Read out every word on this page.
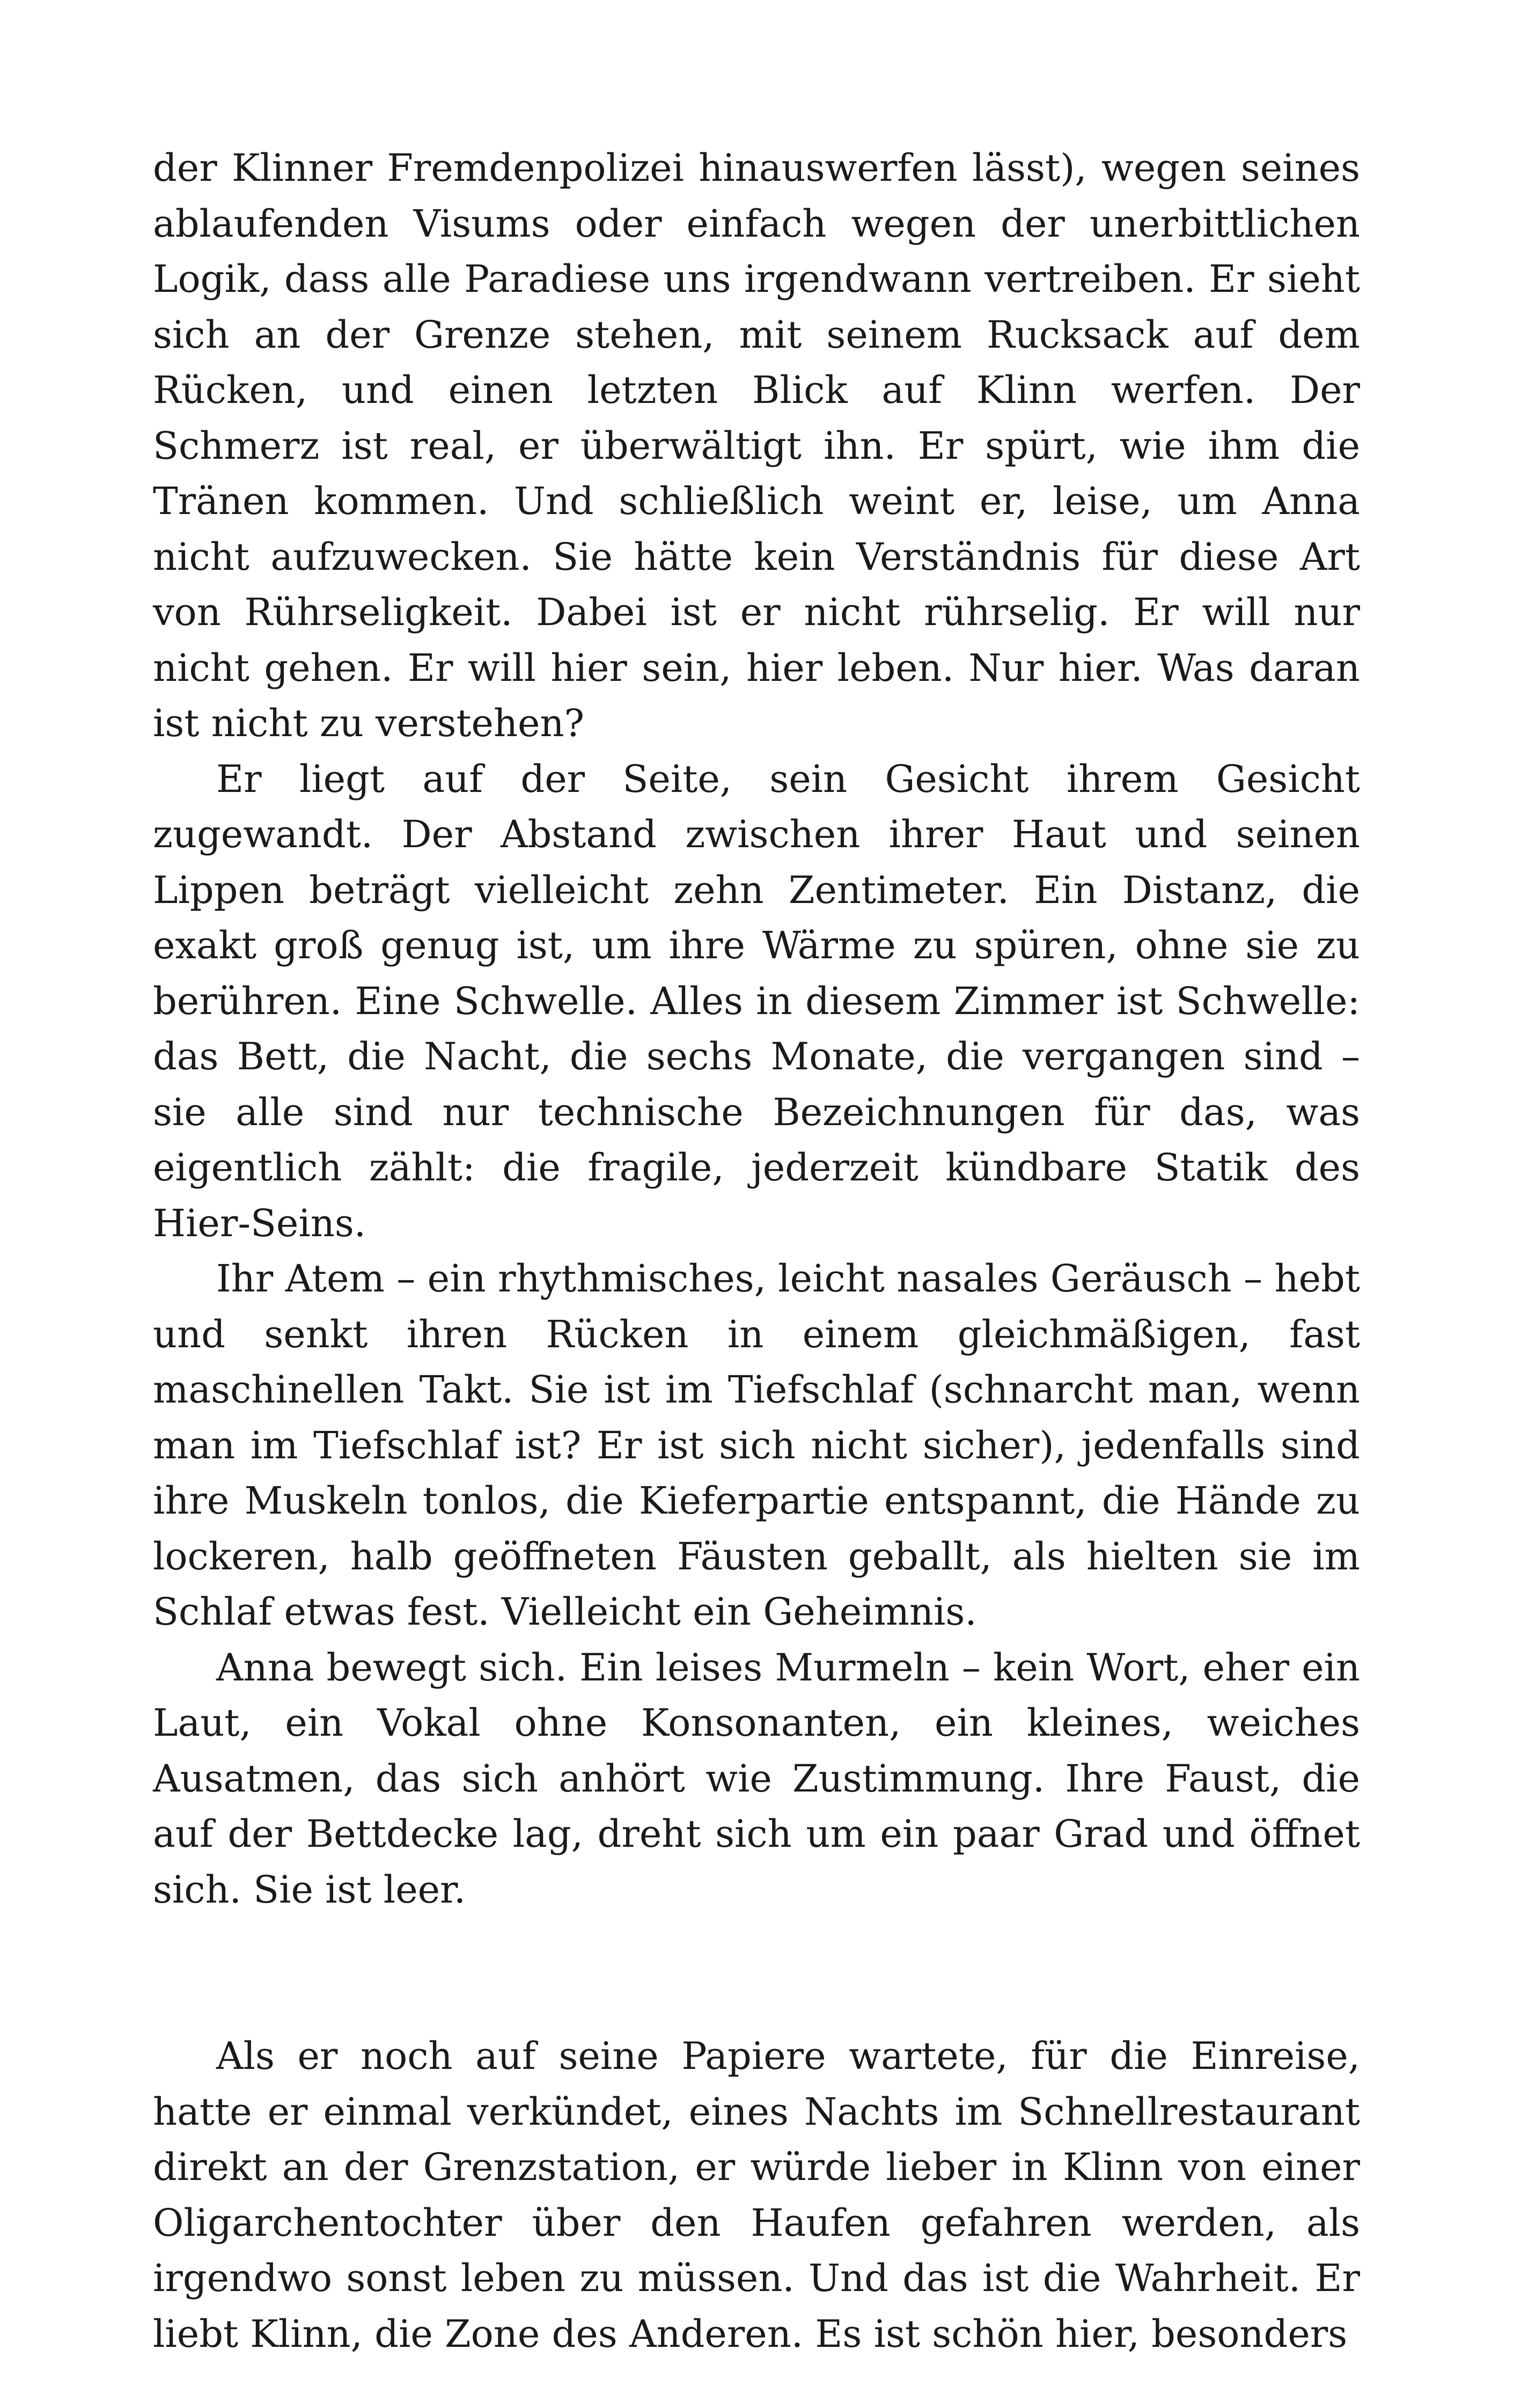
der Klinner Fremdenpolizei hinauswerfen lässt), wegen seines ablaufenden Visums oder einfach wegen der unerbittlichen Logik, dass alle Paradiese uns irgendwann vertreiben. Er sieht sich an der Grenze stehen, mit seinem Rucksack auf dem Rücken, und einen letzten Blick auf Klinn werfen. Der Schmerz ist real, er überwältigt ihn. Er spürt, wie ihm die Tränen kommen. Und schließlich weint er, leise, um Anna nicht aufzuwecken. Sie hätte kein Verständnis für diese Art von Rührseligkeit. Dabei ist er nicht rührselig. Er will nur nicht gehen. Er will hier sein, hier leben. Nur hier. Was daran ist nicht zu verstehen?

Er liegt auf der Seite, sein Gesicht ihrem Gesicht zugewandt. Der Abstand zwischen ihrer Haut und seinen Lippen beträgt vielleicht zehn Zentimeter. Ein Distanz, die exakt groß genug ist, um ihre Wärme zu spüren, ohne sie zu berühren. Eine Schwelle. Alles in diesem Zimmer ist Schwelle: das Bett, die Nacht, die sechs Monate, die vergangen sind – sie alle sind nur technische Bezeichnungen für das, was eigentlich zählt: die fragile, jederzeit kündbare Statik des Hier-Seins.

Ihr Atem – ein rhythmisches, leicht nasales Geräusch – hebt und senkt ihren Rücken in einem gleichmäßigen, fast maschinellen Takt. Sie ist im Tiefschlaf (schnarcht man, wenn man im Tiefschlaf ist? Er ist sich nicht sicher), jedenfalls sind ihre Muskeln tonlos, die Kieferpartie entspannt, die Hände zu lockeren, halb geöffneten Fäusten geballt, als hielten sie im Schlaf etwas fest. Vielleicht ein Geheimnis.

Anna bewegt sich. Ein leises Murmeln – kein Wort, eher ein Laut, ein Vokal ohne Konsonanten, ein kleines, weiches Ausatmen, das sich anhört wie Zustimmung. Ihre Faust, die auf der Bettdecke lag, dreht sich um ein paar Grad und öffnet sich. Sie ist leer.

Als er noch auf seine Papiere wartete, für die Einreise, hatte er einmal verkündet, eines Nachts im Schnellrestaurant direkt an der Grenzstation, er würde lieber in Klinn von einer Oligarchentochter über den Haufen gefahren werden, als irgendwo sonst leben zu müssen. Und das ist die Wahrheit. Er liebt Klinn, die Zone des Anderen. Es ist schön hier, besonders
